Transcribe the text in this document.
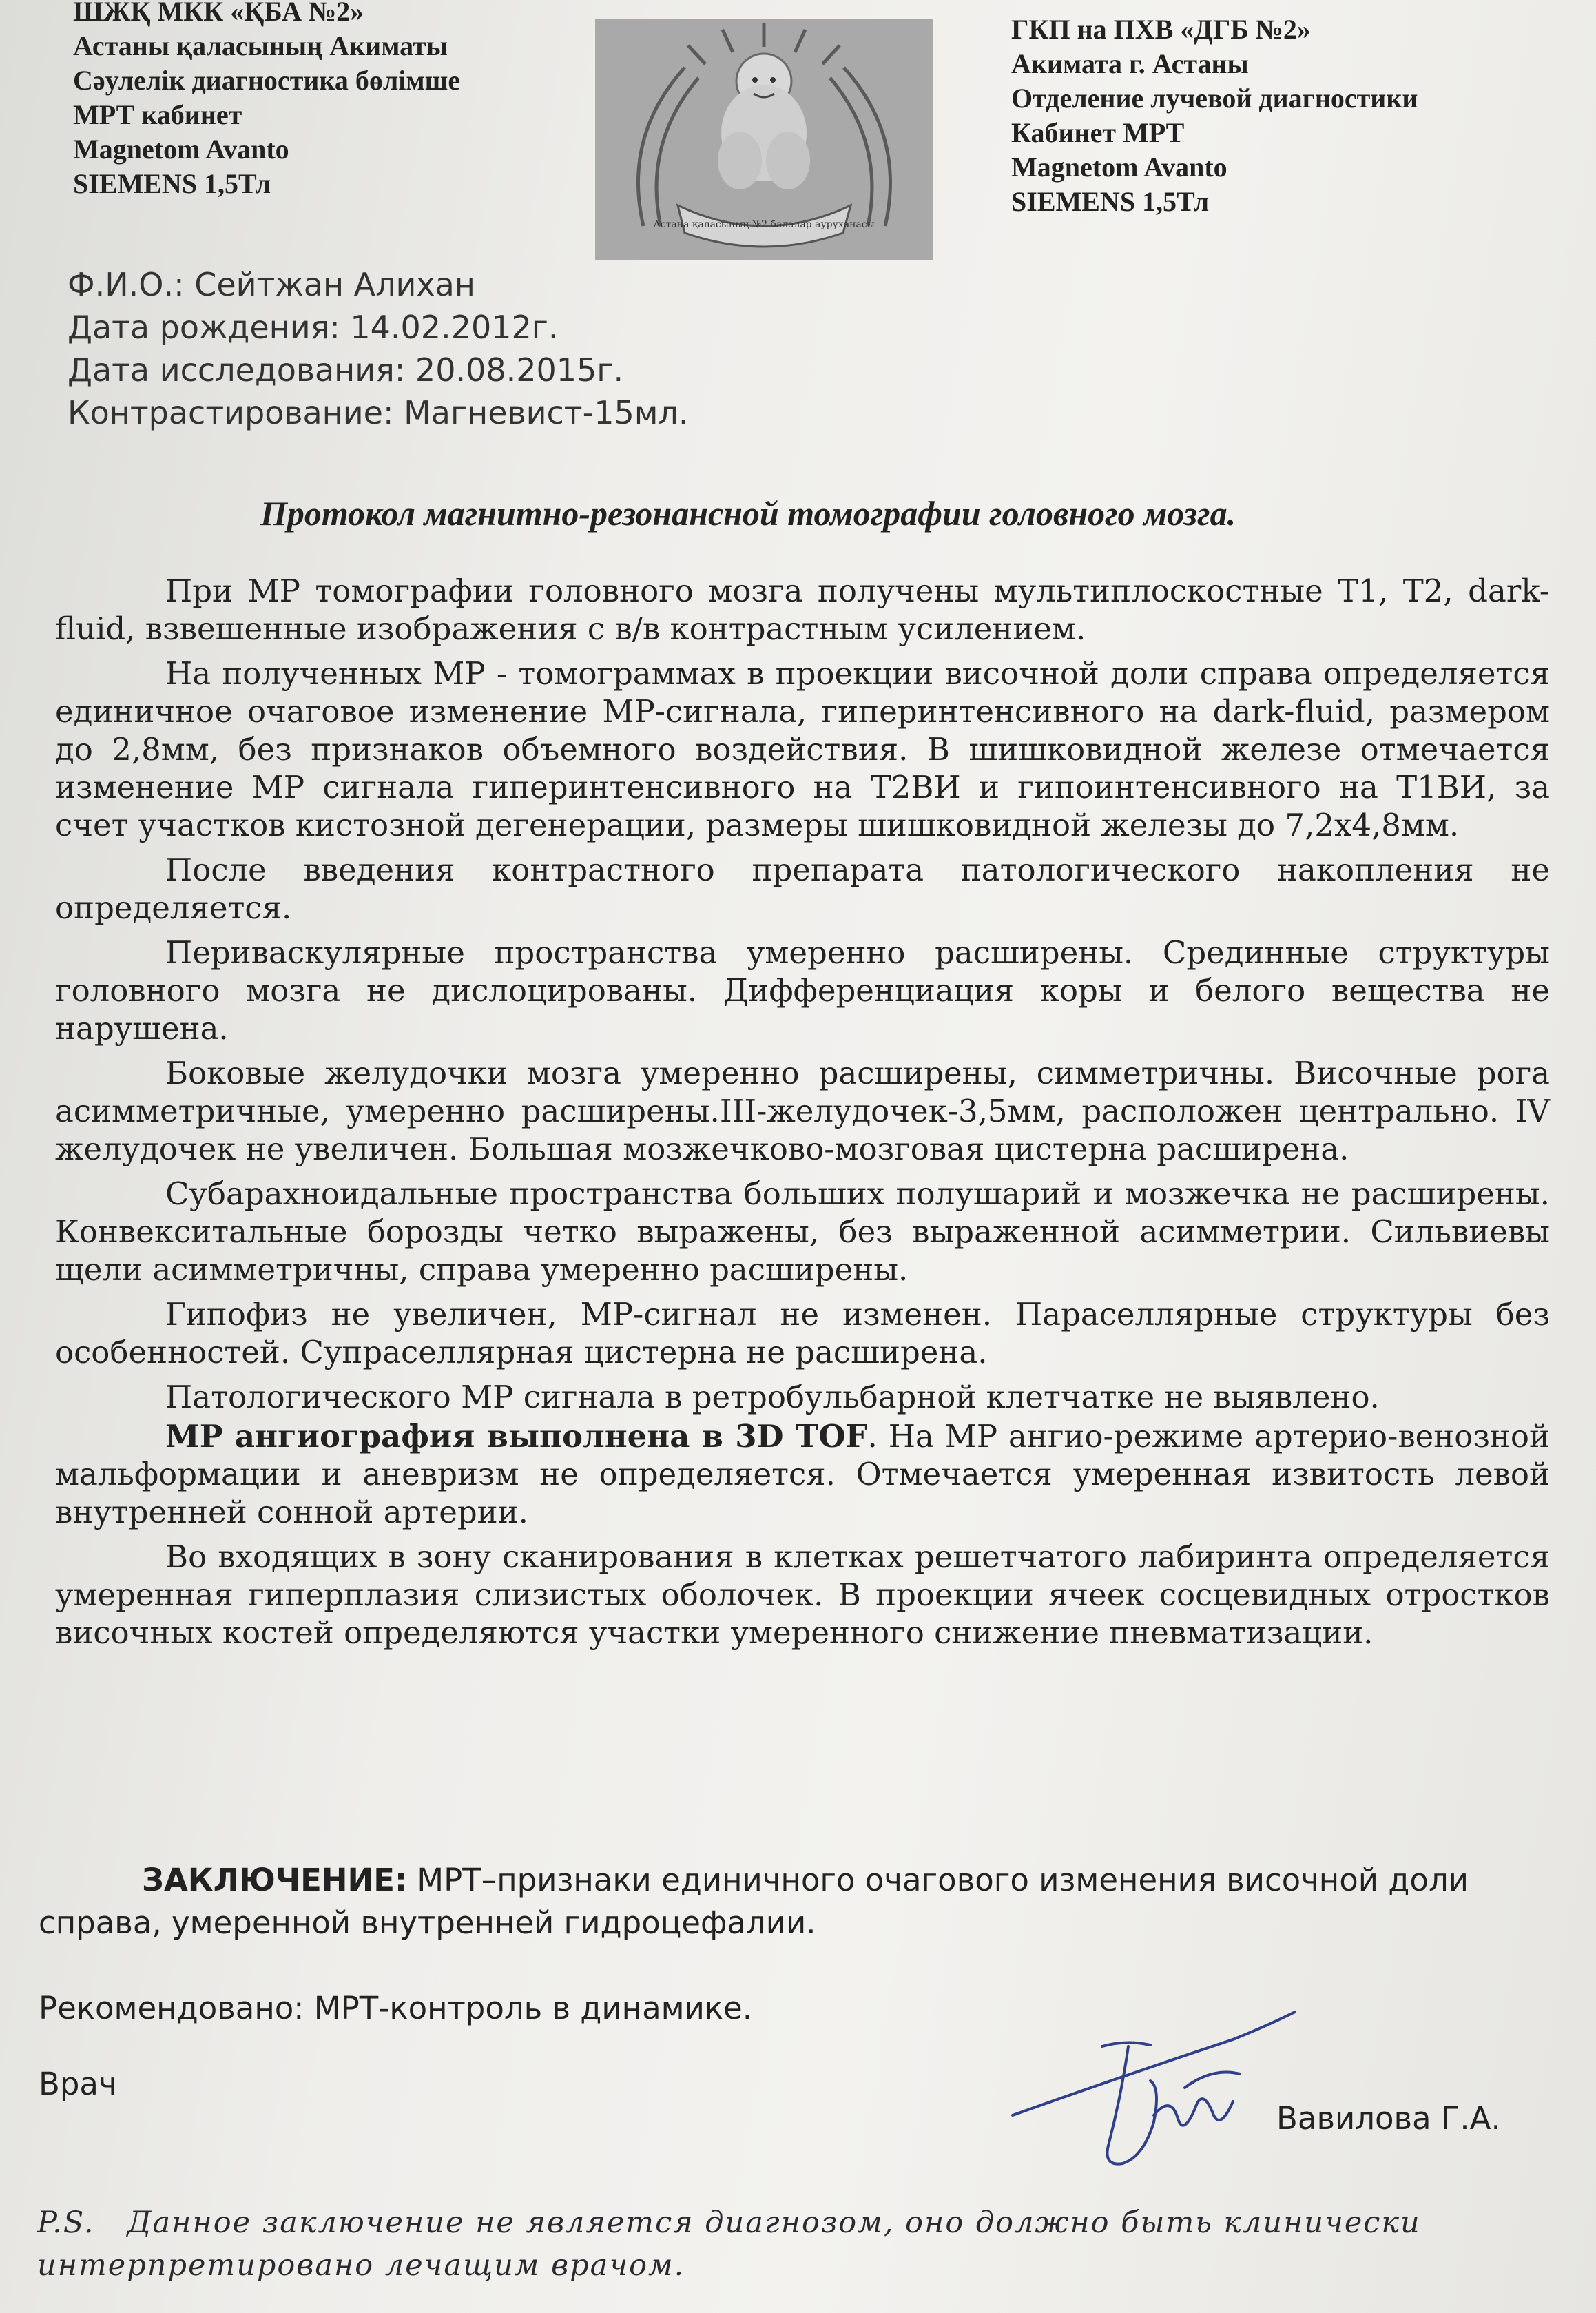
ШЖҚ МКК «ҚБА №2»
Астаны қаласының Акиматы
Сәулелік диагностика бөлімше
МРТ кабинет
Magnetom Avanto
SIEMENS 1,5Тл
Астана қаласының №2 балалар ауруханасы
ГКП на ПХВ «ДГБ №2»
Акимата г. Астаны
Отделение лучевой диагностики
Кабинет МРТ
Magnetom Avanto
SIEMENS 1,5Тл
Ф.И.О.: Сейтжан Алихан
Дата рождения: 14.02.2012г.
Дата исследования: 20.08.2015г.
Контрастирование: Магневист-15мл.
Протокол магнитно-резонансной томографии головного мозга.

При МР томографии головного мозга получены мультиплоскостные T1, T2, dark-fluid, взвешенные изображения с в/в контрастным усилением.

На полученных МР - томограммах в проекции височной доли справа определяется единичное очаговое изменение МР-сигнала, гиперинтенсивного на dark-fluid, размером до 2,8мм, без признаков объемного воздействия. В шишковидной железе отмечается изменение МР сигнала гиперинтенсивного на Т2ВИ и гипоинтенсивного на Т1ВИ, за счет участков кистозной дегенерации, размеры шишковидной железы до 7,2х4,8мм.

После введения контрастного препарата патологического накопления не определяется.

Периваскулярные пространства умеренно расширены. Срединные структуры головного мозга не дислоцированы. Дифференциация коры и белого вещества не нарушена.

Боковые желудочки мозга умеренно расширены, симметричны. Височные рога асимметричные, умеренно расширены.III-желудочек-3,5мм, расположен центрально. IV желудочек не увеличен. Большая мозжечково-мозговая цистерна расширена.

Субарахноидальные пространства больших полушарий и мозжечка не расширены. Конвекситальные борозды четко выражены, без выраженной асимметрии. Сильвиевы щели асимметричны, справа умеренно расширены.

Гипофиз не увеличен, МР-сигнал не изменен. Параселлярные структуры без особенностей. Супраселлярная цистерна не расширена.

Патологического МР сигнала в ретробульбарной клетчатке не выявлено.

МР ангиография выполнена в 3D TOF. На МР ангио-режиме артерио-венозной мальформации и аневризм не определяется. Отмечается умеренная извитость левой внутренней сонной артерии.

Во входящих в зону сканирования в клетках решетчатого лабиринта определяется умеренная гиперплазия слизистых оболочек. В проекции ячеек сосцевидных отростков височных костей определяются участки умеренного снижение пневматизации.

ЗАКЛЮЧЕНИЕ: МРТ–признаки единичного очагового изменения височной доли справа, умеренной внутренней гидроцефалии.
Рекомендовано: МРТ-контроль в динамике.
Врач
Вавилова Г.А.
P.S. Данное заключение не является диагнозом, оно должно быть клинически интерпретировано лечащим врачом.
